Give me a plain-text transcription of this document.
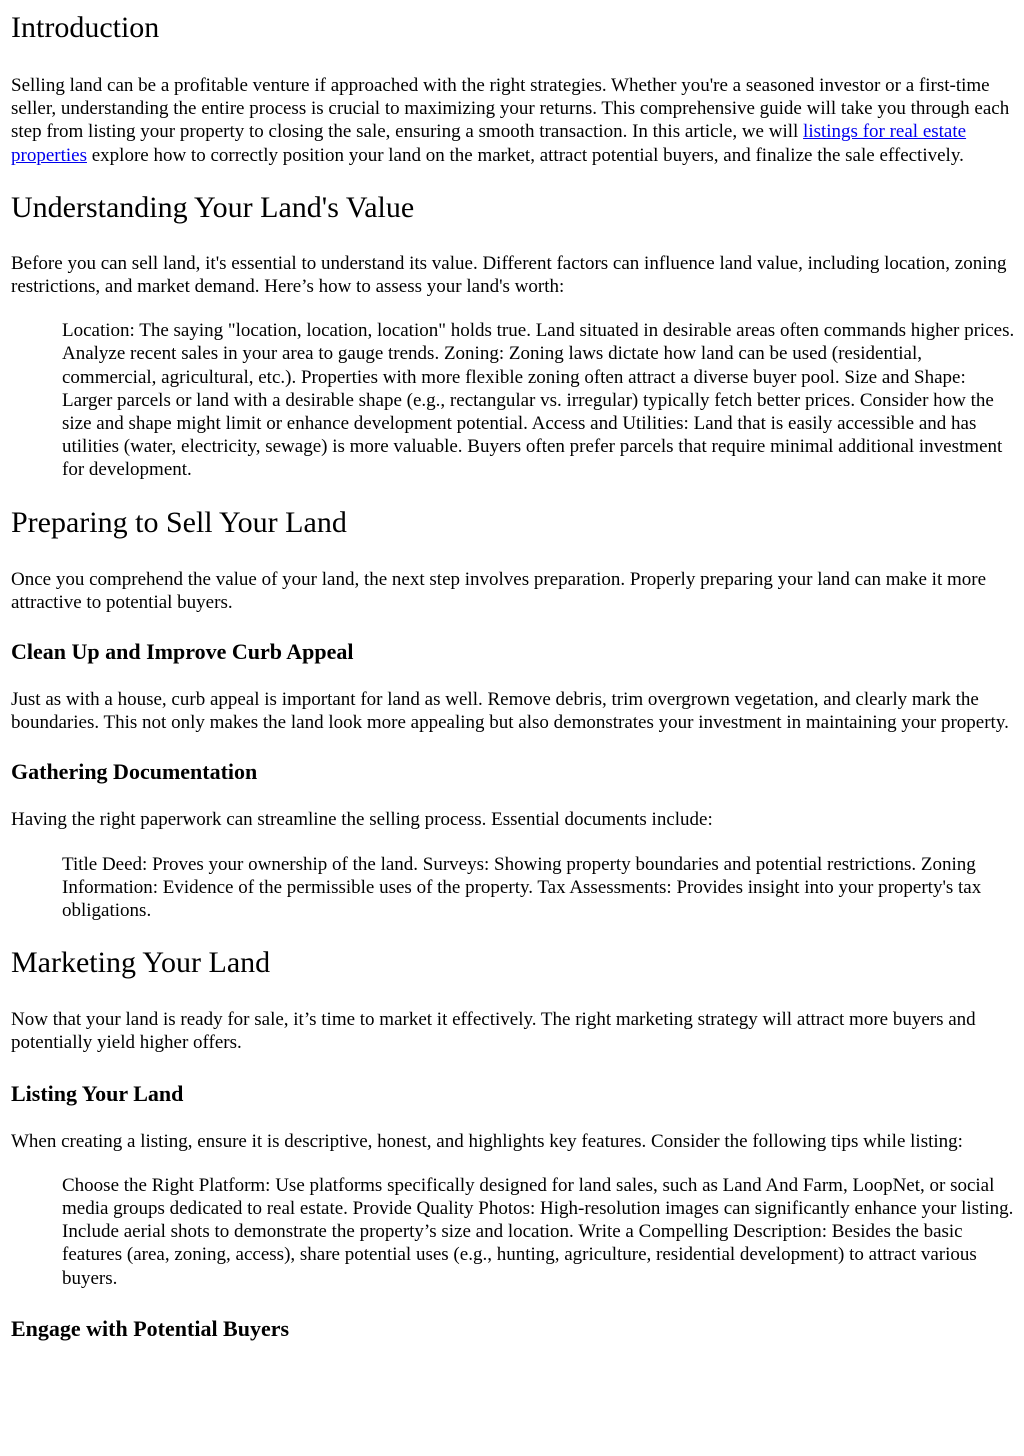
Introduction

Selling land can be a profitable venture if approached with the right strategies. Whether you're a seasoned investor or a first-time seller, understanding the entire process is crucial to maximizing your returns. This comprehensive guide will take you through each step from listing your property to closing the sale, ensuring a smooth transaction. In this article, we will listings for real estate properties explore how to correctly position your land on the market, attract potential buyers, and finalize the sale effectively.

Understanding Your Land's Value

Before you can sell land, it's essential to understand its value. Different factors can influence land value, including location, zoning restrictions, and market demand. Here’s how to assess your land's worth:

Location: The saying "location, location, location" holds true. Land situated in desirable areas often commands higher prices. Analyze recent sales in your area to gauge trends. Zoning: Zoning laws dictate how land can be used (residential, commercial, agricultural, etc.). Properties with more flexible zoning often attract a diverse buyer pool. Size and Shape: Larger parcels or land with a desirable shape (e.g., rectangular vs. irregular) typically fetch better prices. Consider how the size and shape might limit or enhance development potential. Access and Utilities: Land that is easily accessible and has utilities (water, electricity, sewage) is more valuable. Buyers often prefer parcels that require minimal additional investment for development.
Preparing to Sell Your Land

Once you comprehend the value of your land, the next step involves preparation. Properly preparing your land can make it more attractive to potential buyers.

Clean Up and Improve Curb Appeal

Just as with a house, curb appeal is important for land as well. Remove debris, trim overgrown vegetation, and clearly mark the boundaries. This not only makes the land look more appealing but also demonstrates your investment in maintaining your property.

Gathering Documentation

Having the right paperwork can streamline the selling process. Essential documents include:

Title Deed: Proves your ownership of the land. Surveys: Showing property boundaries and potential restrictions. Zoning Information: Evidence of the permissible uses of the property. Tax Assessments: Provides insight into your property's tax obligations.
Marketing Your Land

Now that your land is ready for sale, it’s time to market it effectively. The right marketing strategy will attract more buyers and potentially yield higher offers.

Listing Your Land

When creating a listing, ensure it is descriptive, honest, and highlights key features. Consider the following tips while listing:

Choose the Right Platform: Use platforms specifically designed for land sales, such as Land And Farm, LoopNet, or social media groups dedicated to real estate. Provide Quality Photos: High-resolution images can significantly enhance your listing. Include aerial shots to demonstrate the property’s size and location. Write a Compelling Description: Besides the basic features (area, zoning, access), share potential uses (e.g., hunting, agriculture, residential development) to attract various buyers.
Engage with Potential Buyers
